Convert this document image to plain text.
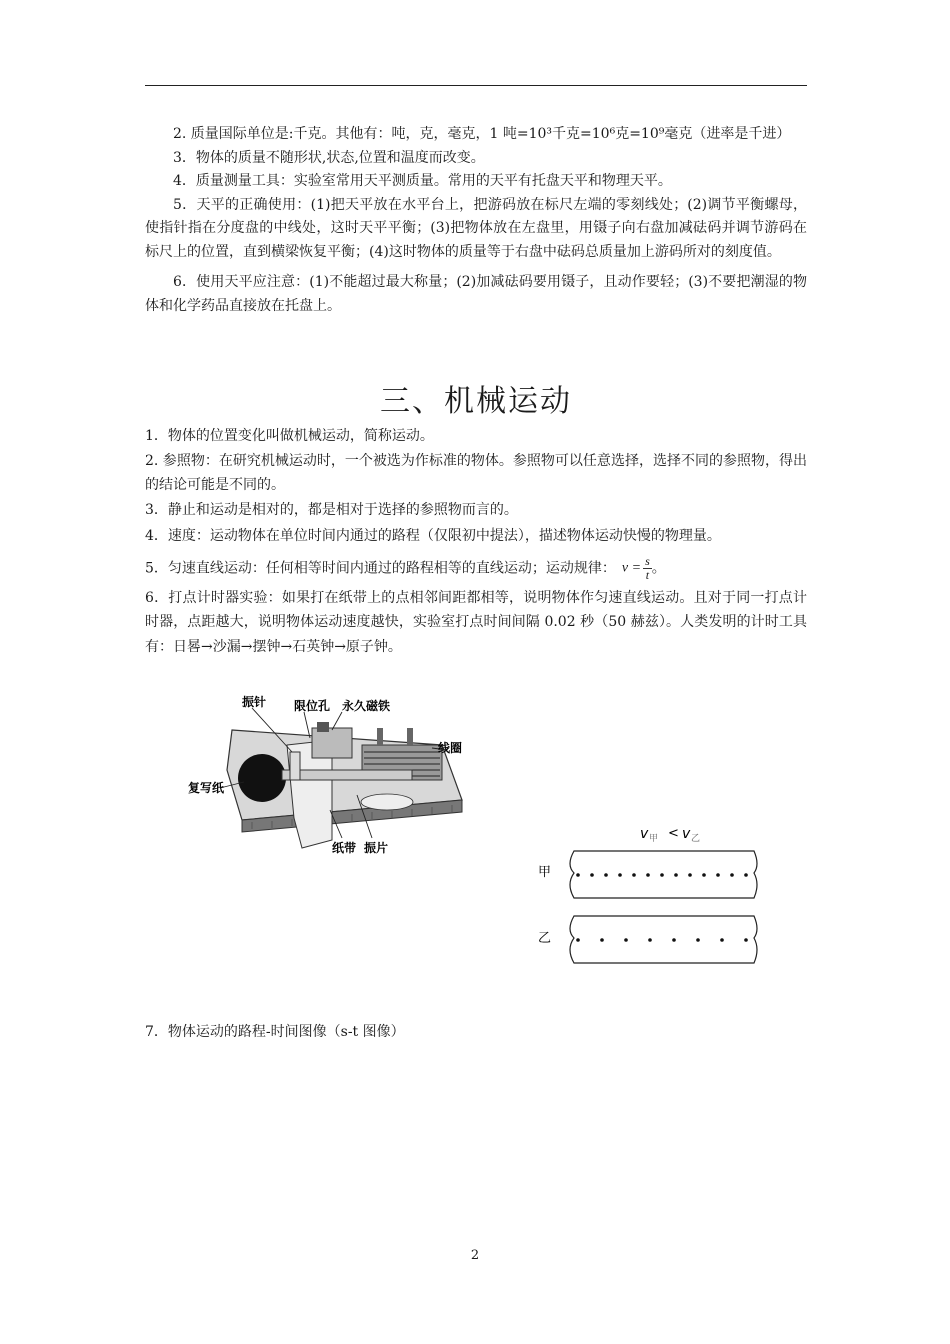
2. 质量国际单位是:千克。其他有：吨，克，毫克，1 吨=10³千克=10⁶克=10⁹毫克（进率是千进）

3．物体的质量不随形状,状态,位置和温度而改变。

4．质量测量工具：实验室常用天平测质量。常用的天平有托盘天平和物理天平。

5．天平的正确使用：(1)把天平放在水平台上，把游码放在标尺左端的零刻线处；(2)调节平衡螺母，使指针指在分度盘的中线处，这时天平平衡；(3)把物体放在左盘里，用镊子向右盘加减砝码并调节游码在标尺上的位置，直到横梁恢复平衡；(4)这时物体的质量等于右盘中砝码总质量加上游码所对的刻度值。

6．使用天平应注意：(1)不能超过最大称量；(2)加减砝码要用镊子，且动作要轻；(3)不要把潮湿的物体和化学药品直接放在托盘上。

三、机械运动

1．物体的位置变化叫做机械运动，简称运动。

2. 参照物：在研究机械运动时，一个被选为作标准的物体。参照物可以任意选择，选择不同的参照物，得出的结论可能是不同的。

3．静止和运动是相对的，都是相对于选择的参照物而言的。

4．速度：运动物体在单位时间内通过的路程（仅限初中提法），描述物体运动快慢的物理量。

5．匀速直线运动：任何相等时间内通过的路程相等的直线运动；运动规律： $v = \frac{s}{t}$ 。

6．打点计时器实验：如果打在纸带上的点相邻间距都相等，说明物体作匀速直线运动。且对于同一打点计时器，点距越大，说明物体运动速度越快，实验室打点时间间隔 0.02 秒（50 赫兹）。人类发明的计时工具有：日晷→沙漏→摆钟→石英钟→原子钟。

振针 限位孔 永久磁铁
线圈
复写纸
纸带 振片
v 甲 < v 乙
甲
乙
7．物体运动的路程-时间图像（s-t 图像）
2
